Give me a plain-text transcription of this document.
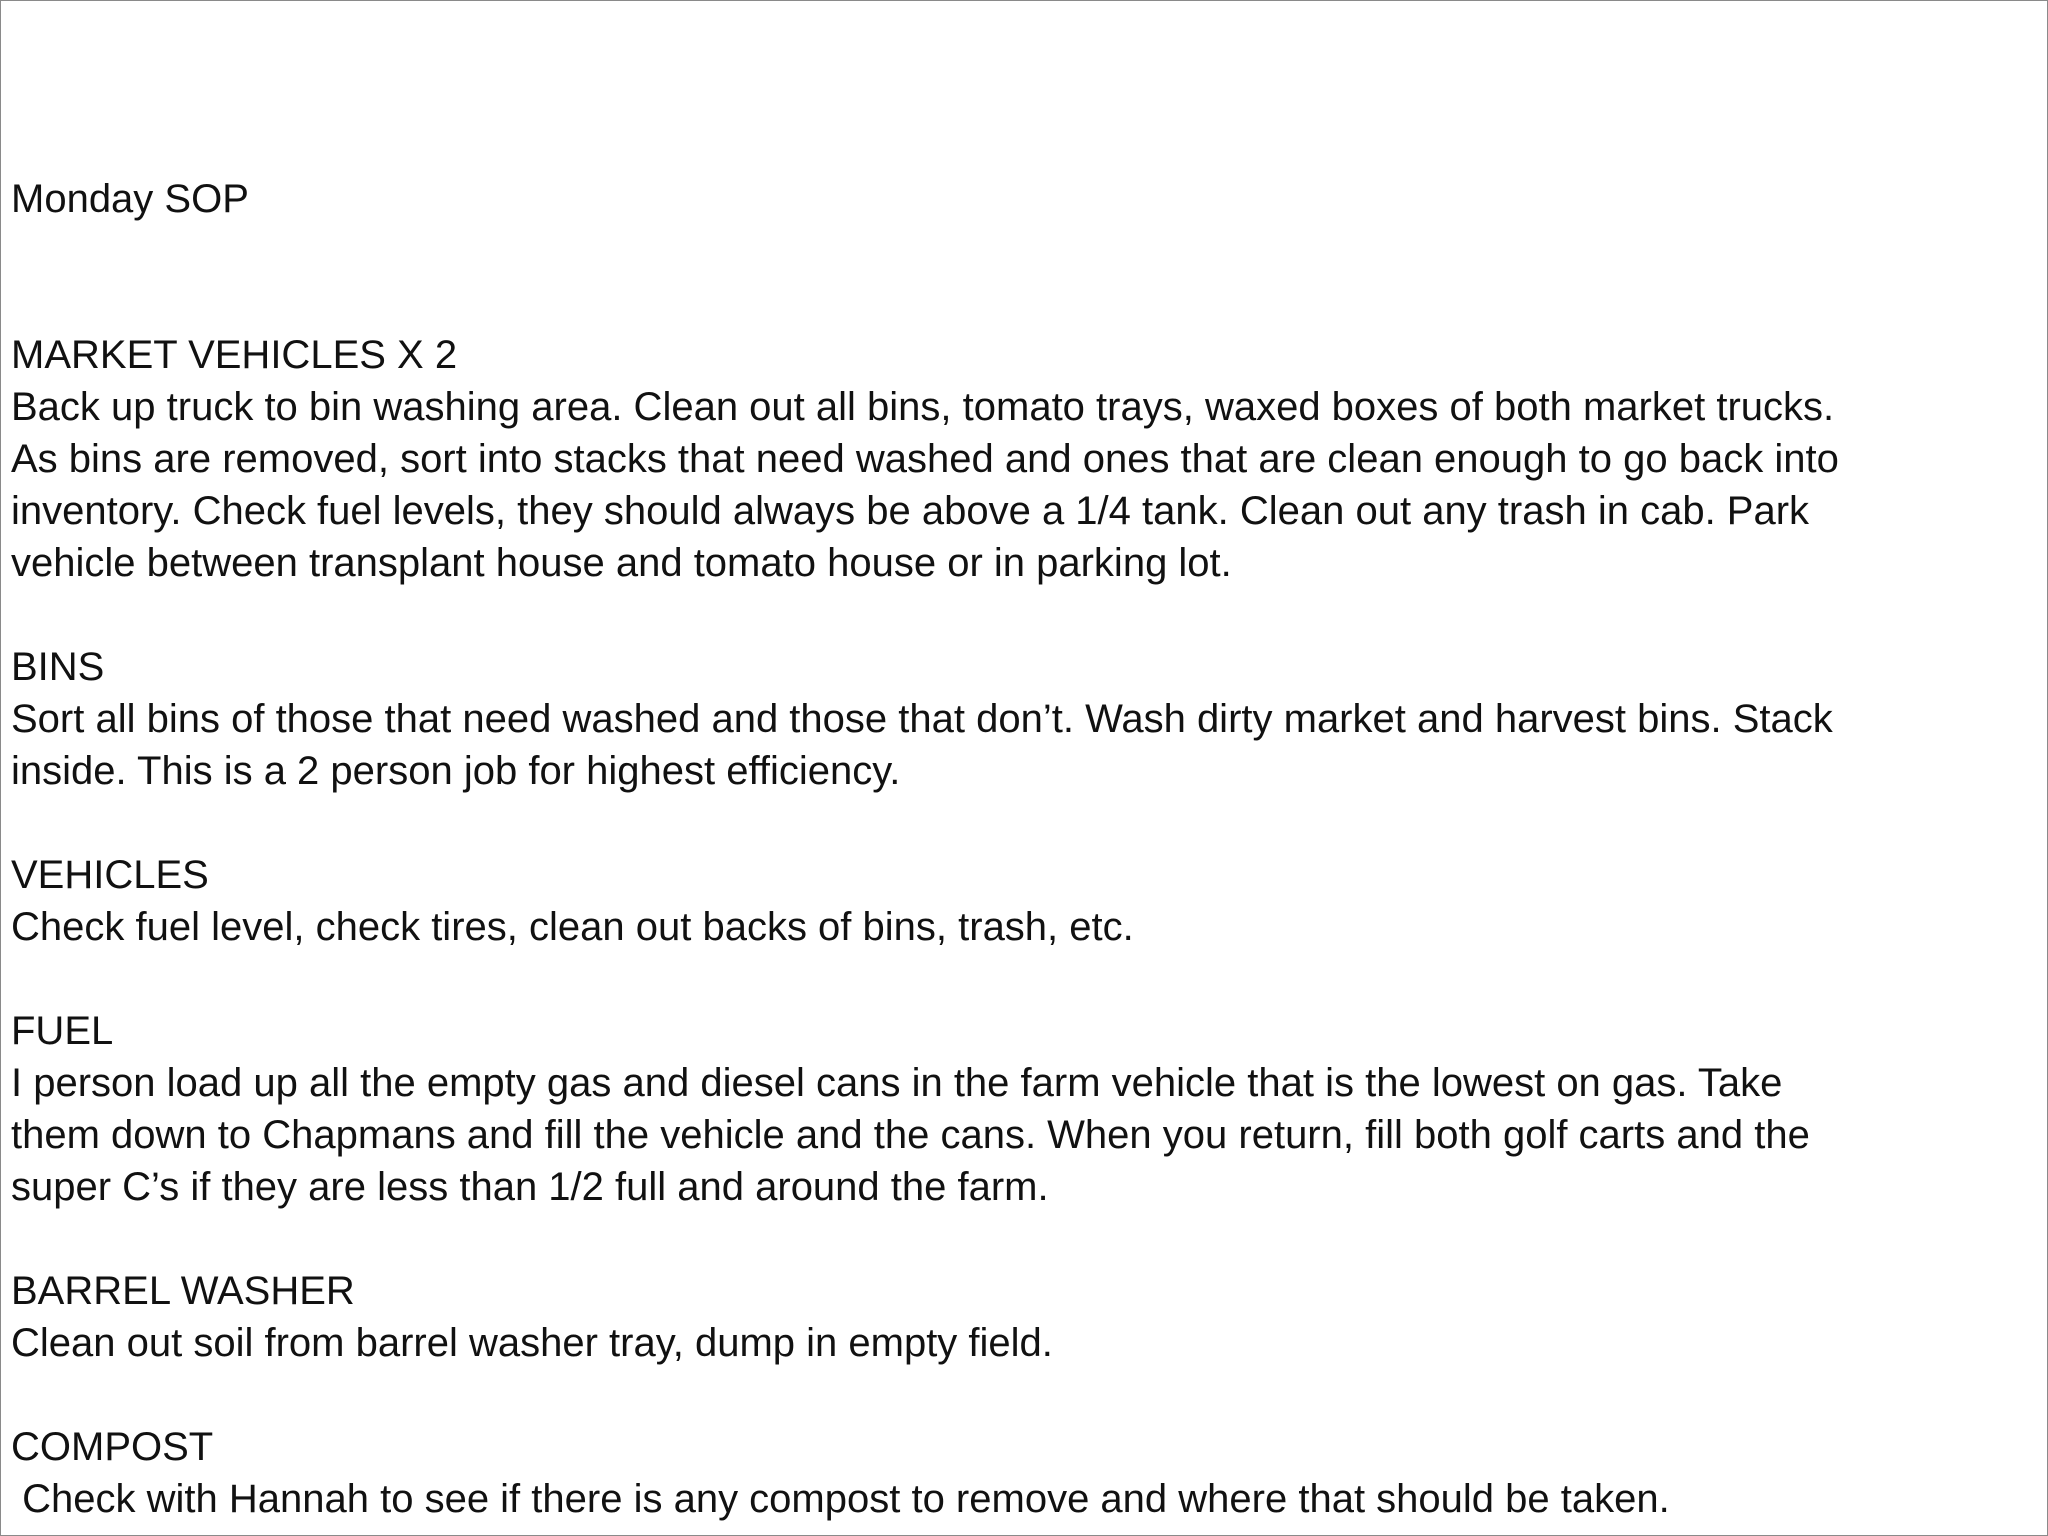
Monday SOP

MARKET VEHICLES X 2

Back up truck to bin washing area. Clean out all bins, tomato trays, waxed boxes of both market trucks.
As bins are removed, sort into stacks that need washed and ones that are clean enough to go back into
inventory. Check fuel levels, they should always be above a 1/4 tank. Clean out any trash in cab. Park
vehicle between transplant house and tomato house or in parking lot.

BINS

Sort all bins of those that need washed and those that don’t. Wash dirty market and harvest bins. Stack
inside. This is a 2 person job for highest efficiency.

VEHICLES

Check fuel level, check tires, clean out backs of bins, trash, etc.

FUEL

I person load up all the empty gas and diesel cans in the farm vehicle that is the lowest on gas. Take
them down to Chapmans and fill the vehicle and the cans. When you return, fill both golf carts and the
super C’s if they are less than 1/2 full and around the farm.

BARREL WASHER

Clean out soil from barrel washer tray, dump in empty field.

COMPOST

Check with Hannah to see if there is any compost to remove and where that should be taken.
